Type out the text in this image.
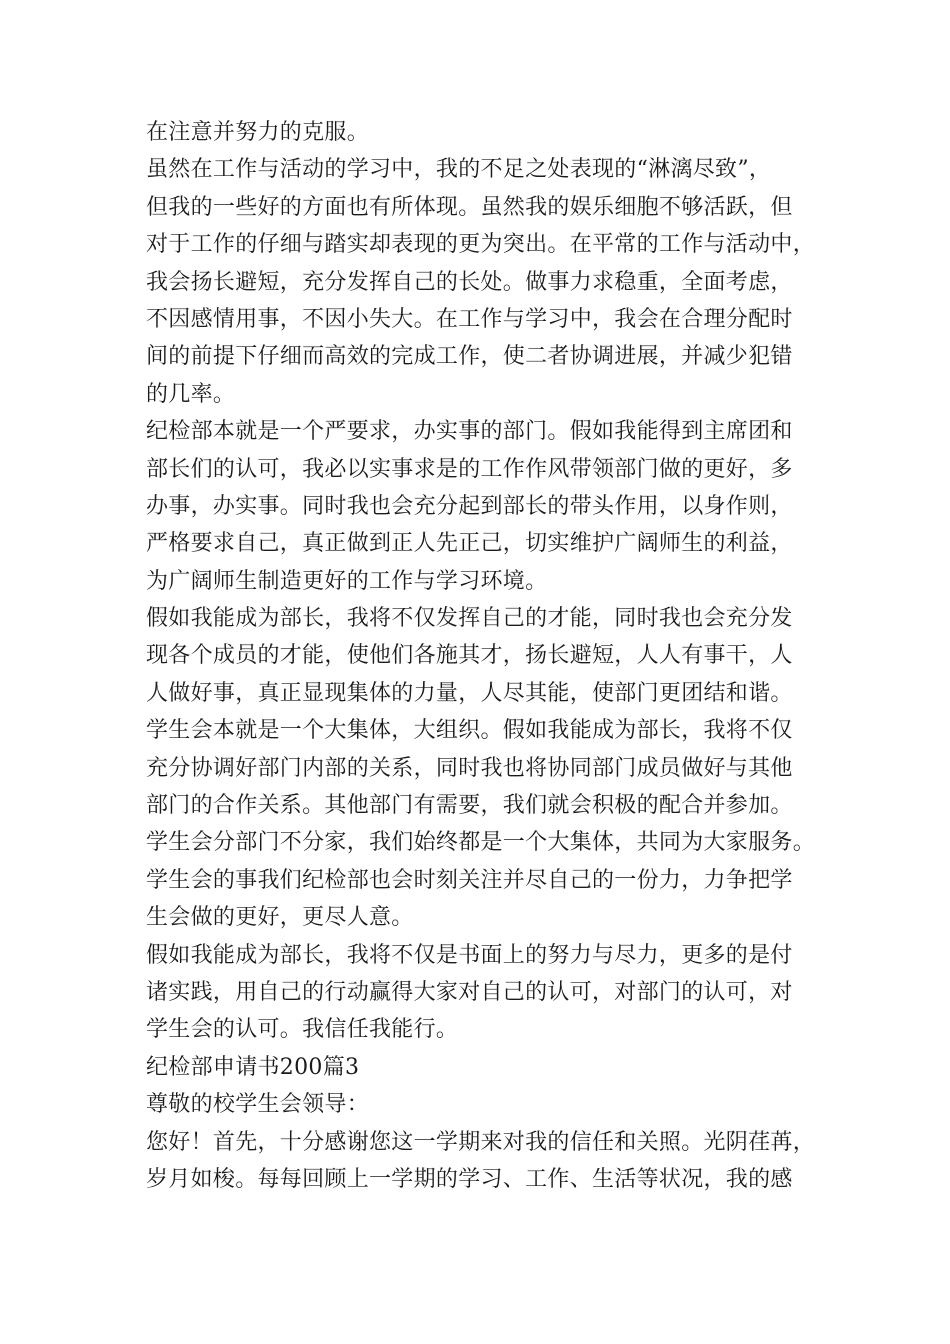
在注意并努力的克服。
虽然在工作与活动的学习中，我的不足之处表现的“淋漓尽致”，
但我的一些好的方面也有所体现。虽然我的娱乐细胞不够活跃，但
对于工作的仔细与踏实却表现的更为突出。在平常的工作与活动中，
我会扬长避短，充分发挥自己的长处。做事力求稳重，全面考虑，
不因感情用事，不因小失大。在工作与学习中，我会在合理分配时
间的前提下仔细而高效的完成工作，使二者协调进展，并减少犯错
的几率。
纪检部本就是一个严要求，办实事的部门。假如我能得到主席团和
部长们的认可，我必以实事求是的工作作风带领部门做的更好，多
办事，办实事。同时我也会充分起到部长的带头作用，以身作则，
严格要求自己，真正做到正人先正己，切实维护广阔师生的利益，
为广阔师生制造更好的工作与学习环境。
假如我能成为部长，我将不仅发挥自己的才能，同时我也会充分发
现各个成员的才能，使他们各施其才，扬长避短，人人有事干，人
人做好事，真正显现集体的力量，人尽其能，使部门更团结和谐。
学生会本就是一个大集体，大组织。假如我能成为部长，我将不仅
充分协调好部门内部的关系，同时我也将协同部门成员做好与其他
部门的合作关系。其他部门有需要，我们就会积极的配合并参加。
学生会分部门不分家，我们始终都是一个大集体，共同为大家服务。
学生会的事我们纪检部也会时刻关注并尽自己的一份力，力争把学
生会做的更好，更尽人意。
假如我能成为部长，我将不仅是书面上的努力与尽力，更多的是付
诸实践，用自己的行动赢得大家对自己的认可，对部门的认可，对
学生会的认可。我信任我能行。
纪检部申请书200篇3
尊敬的校学生会领导：
您好！首先，十分感谢您这一学期来对我的信任和关照。光阴荏苒，
岁月如梭。每每回顾上一学期的学习、工作、生活等状况，我的感
